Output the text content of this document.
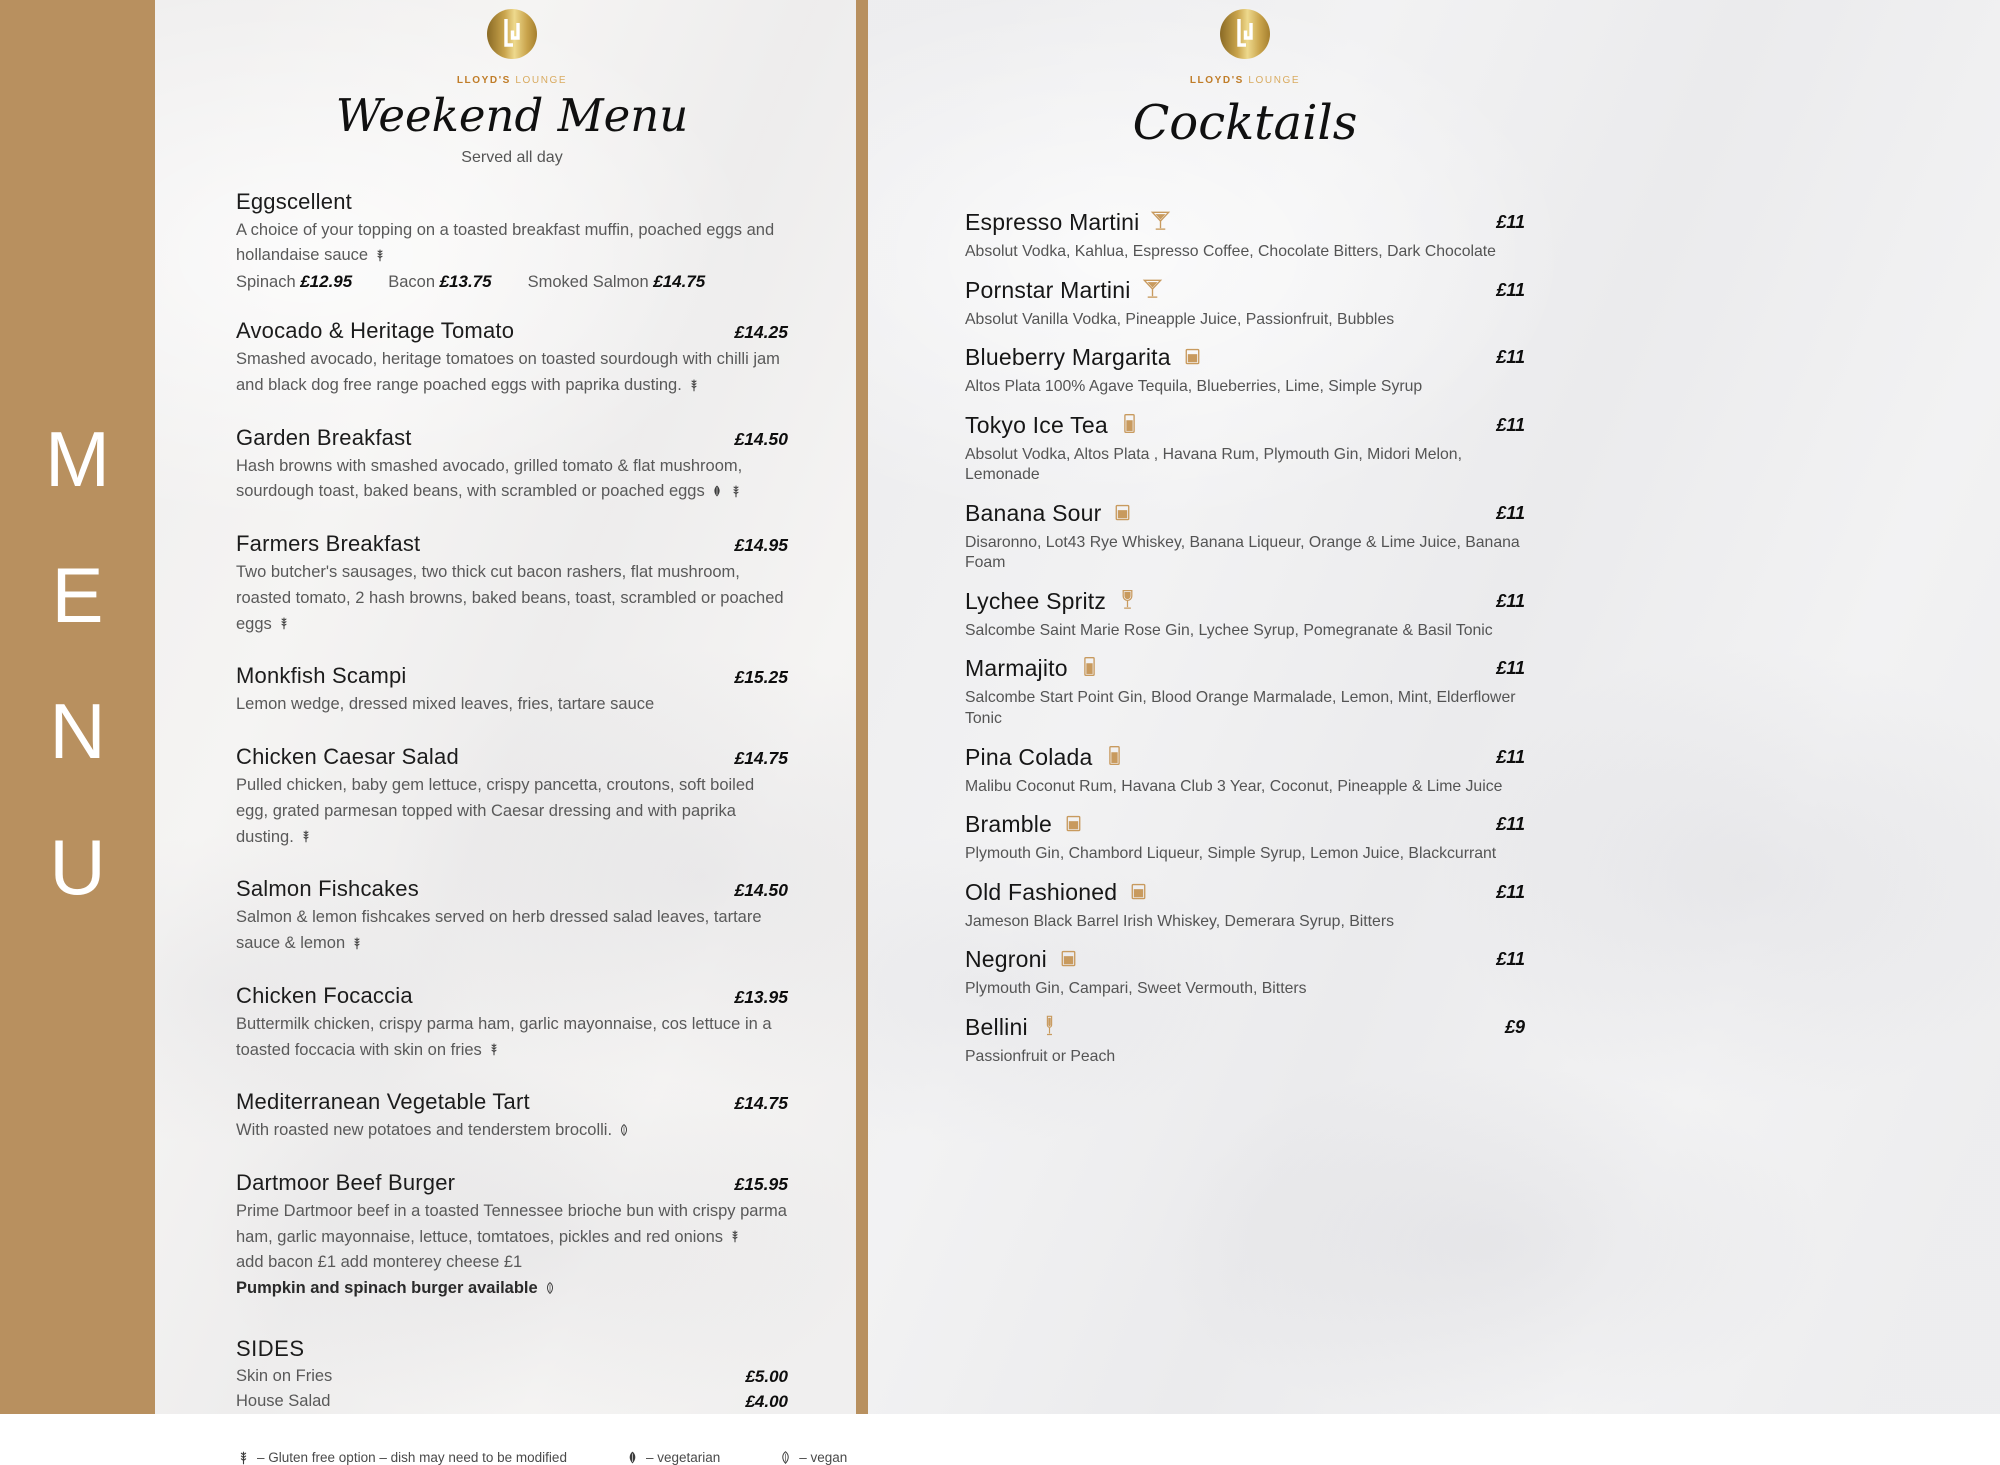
M
E
N
U
LLOYD'S LOUNGE
Weekend Menu
Served all day
Eggscellent
A choice of your topping on a toasted breakfast muffin, poached eggs and hollandaise sauce
Spinach £12.95 Bacon £13.75 Smoked Salmon £14.75
Avocado & Heritage Tomato	£14.25
Smashed avocado, heritage tomatoes on toasted sourdough with chilli jam and black dog free range poached eggs with paprika dusting.
Garden Breakfast	£14.50
Hash browns with smashed avocado, grilled tomato & flat mushroom, sourdough toast, baked beans, with scrambled or poached eggs
Farmers Breakfast	£14.95
Two butcher's sausages, two thick cut bacon rashers, flat mushroom, roasted tomato, 2 hash browns, baked beans, toast, scrambled or poached eggs
Monkfish Scampi	£15.25
Lemon wedge, dressed mixed leaves, fries, tartare sauce
Chicken Caesar Salad	£14.75
Pulled chicken, baby gem lettuce, crispy pancetta, croutons, soft boiled egg, grated parmesan topped with Caesar dressing and with paprika dusting.
Salmon Fishcakes	£14.50
Salmon & lemon fishcakes served on herb dressed salad leaves, tartare sauce & lemon
Chicken Focaccia	£13.95
Buttermilk chicken, crispy parma ham, garlic mayonnaise, cos lettuce in a toasted foccacia with skin on fries
Mediterranean Vegetable Tart	£14.75
With roasted new potatoes and tenderstem brocolli.
Dartmoor Beef Burger	£15.95
Prime Dartmoor beef in a toasted Tennessee brioche bun with crispy parma ham, garlic mayonnaise, lettuce, tomtatoes, pickles and red onions
add bacon £1 add monterey cheese £1
Pumpkin and spinach burger available
SIDES
Skin on Fries	£5.00
House Salad	£4.00
– Gluten free option – dish may need to be modified	– vegetarian	– vegan
LLOYD'S LOUNGE
Cocktails
Espresso Martini	£11
Absolut Vodka, Kahlua, Espresso Coffee, Chocolate Bitters, Dark Chocolate
Pornstar Martini	£11
Absolut Vanilla Vodka, Pineapple Juice, Passionfruit, Bubbles
Blueberry Margarita	£11
Altos Plata 100% Agave Tequila, Blueberries, Lime, Simple Syrup
Tokyo Ice Tea	£11
Absolut Vodka, Altos Plata , Havana Rum, Plymouth Gin, Midori Melon, Lemonade
Banana Sour	£11
Disaronno, Lot43 Rye Whiskey, Banana Liqueur, Orange & Lime Juice, Banana Foam
Lychee Spritz	£11
Salcombe Saint Marie Rose Gin, Lychee Syrup, Pomegranate & Basil Tonic
Marmajito	£11
Salcombe Start Point Gin, Blood Orange Marmalade, Lemon, Mint, Elderflower Tonic
Pina Colada	£11
Malibu Coconut Rum, Havana Club 3 Year, Coconut, Pineapple & Lime Juice
Bramble	£11
Plymouth Gin, Chambord Liqueur, Simple Syrup, Lemon Juice, Blackcurrant
Old Fashioned	£11
Jameson Black Barrel Irish Whiskey, Demerara Syrup, Bitters
Negroni	£11
Plymouth Gin, Campari, Sweet Vermouth, Bitters
Bellini	£9
Passionfruit or Peach
